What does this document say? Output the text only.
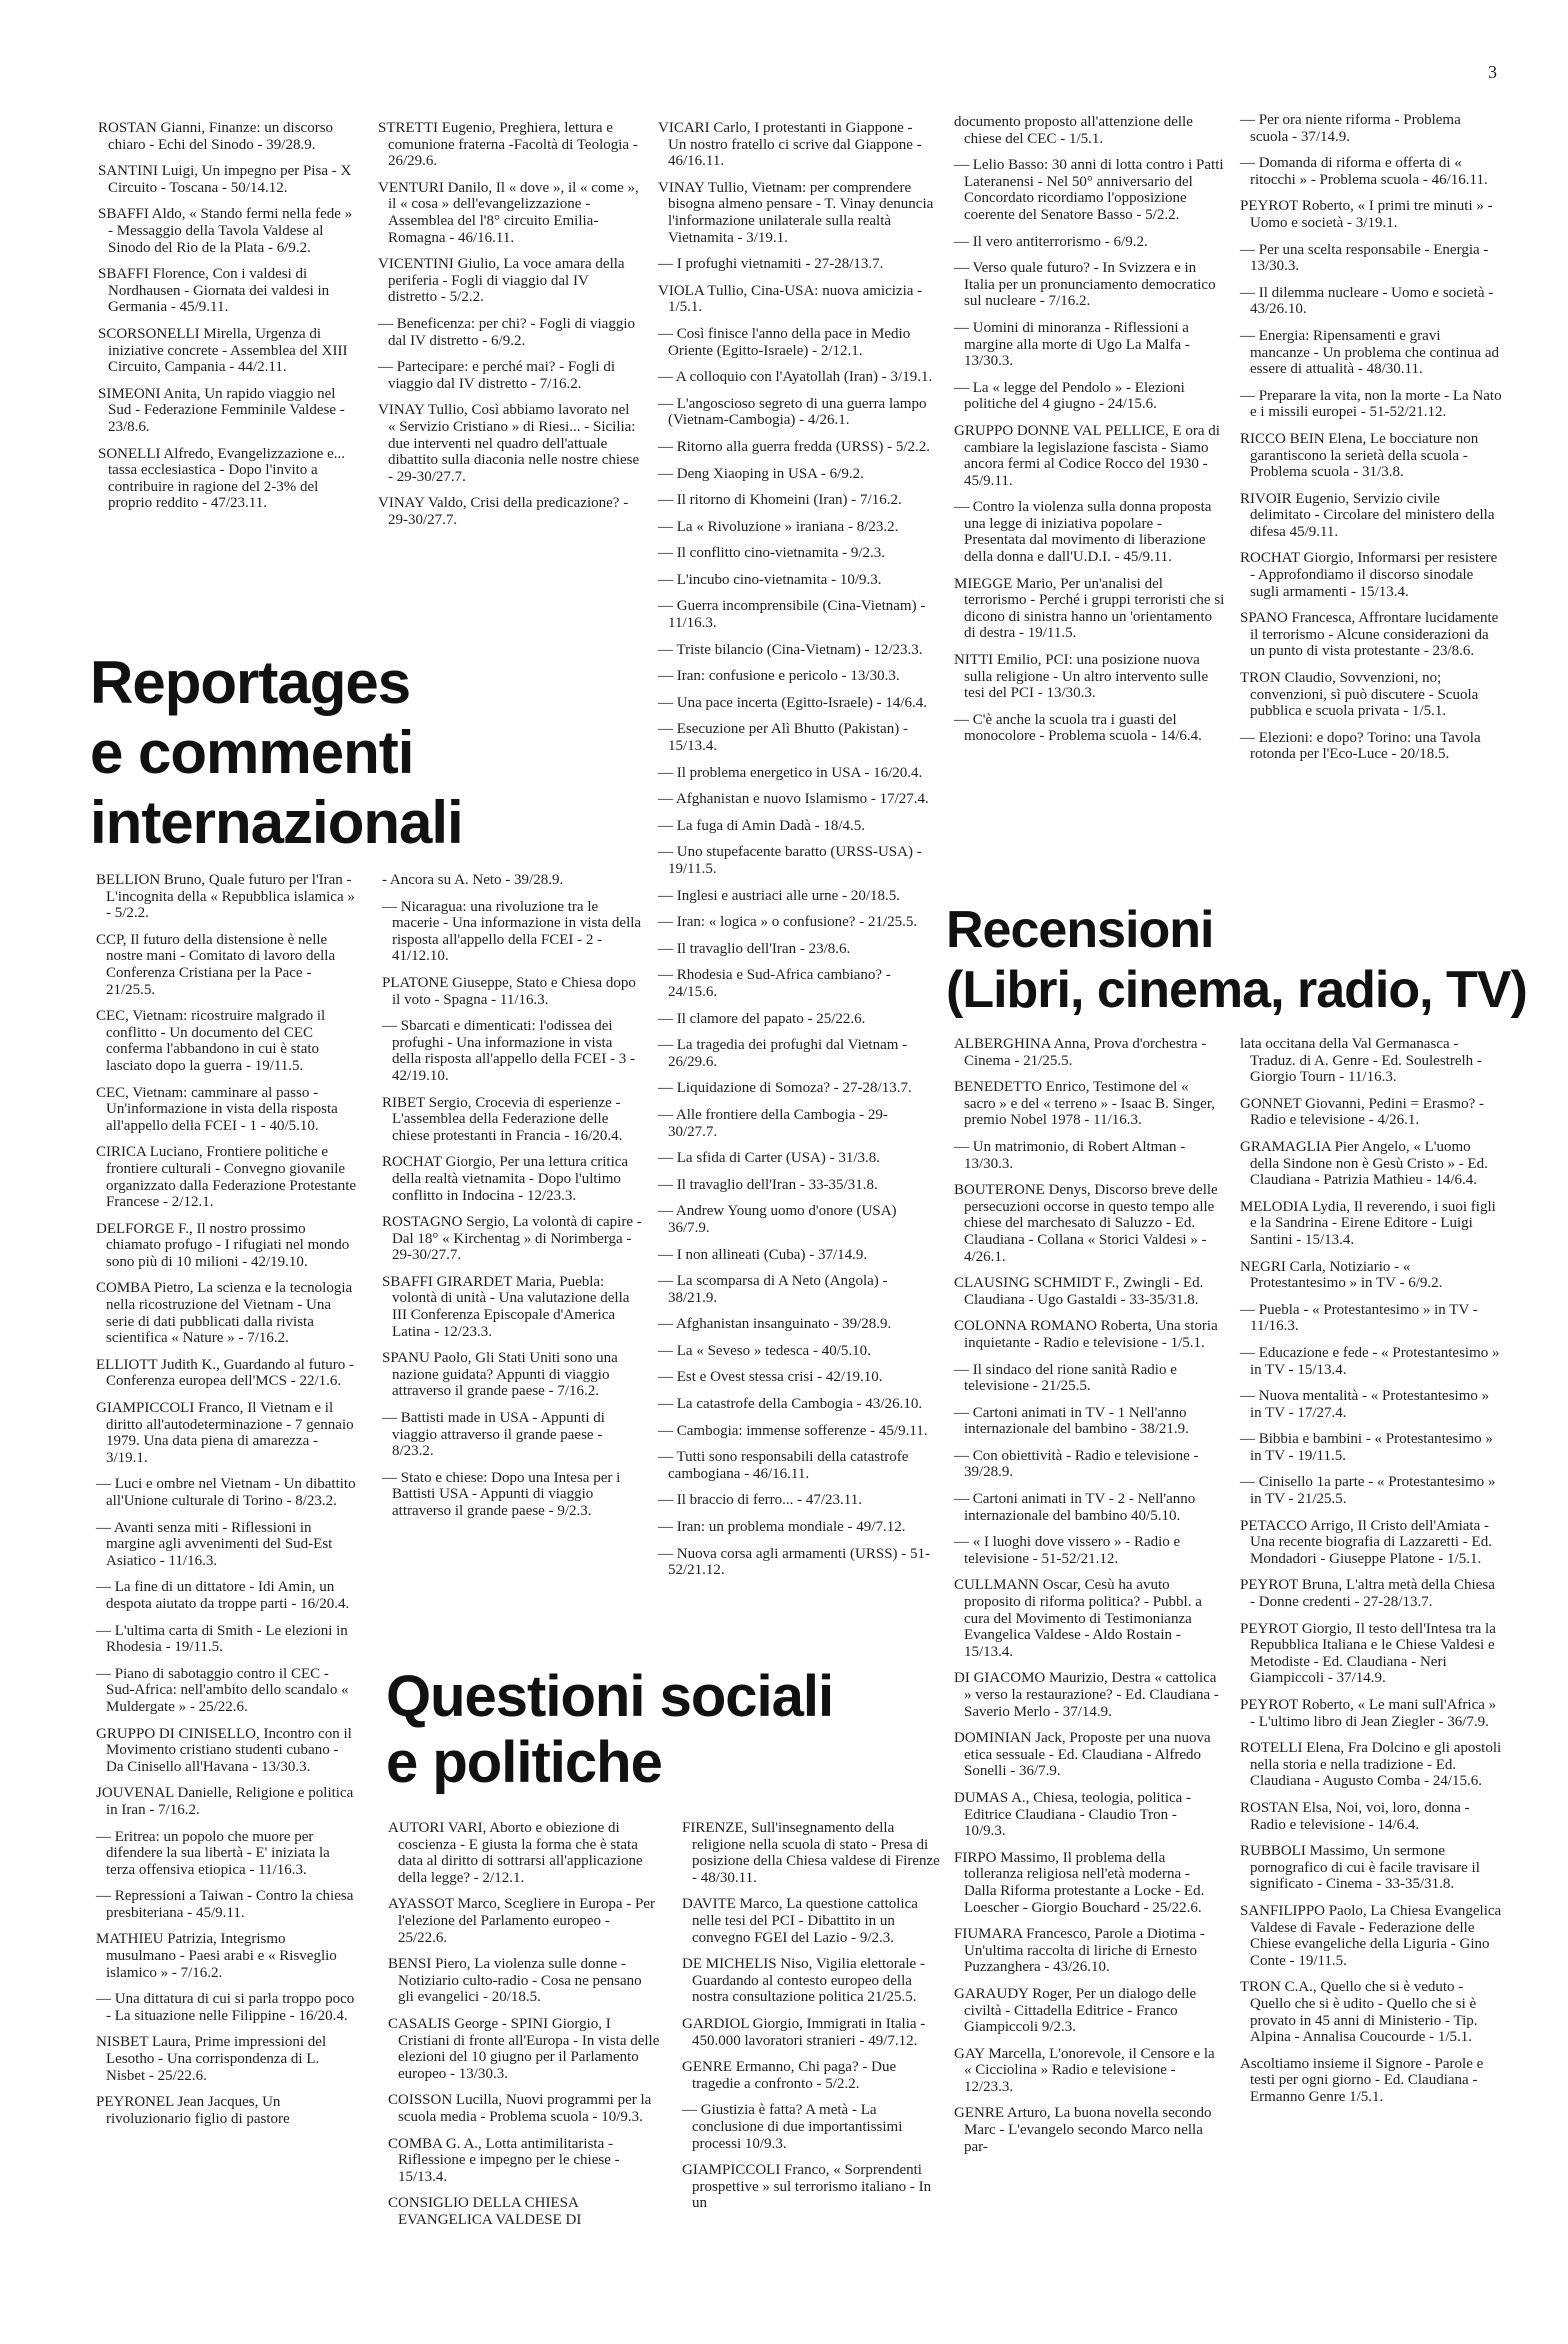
3

ROSTAN Gianni, Finanze: un discorso chiaro - Echi del Sinodo - 39/28.9.

SANTINI Luigi, Un impegno per Pisa - X Circuito - Toscana - 50/14.12.

SBAFFI Aldo, « Stando fermi nella fede » - Messaggio della Tavola Valdese al Sinodo del Rio de la Plata - 6/9.2.

SBAFFI Florence, Con i valdesi di Nordhausen - Giornata dei valdesi in Germania - 45/9.11.

SCORSONELLI Mirella, Urgenza di iniziative concrete - Assemblea del XIII Circuito, Campania - 44/2.11.

SIMEONI Anita, Un rapido viaggio nel Sud - Federazione Femminile Valdese - 23/8.6.

SONELLI Alfredo, Evangelizzazione e... tassa ecclesiastica - Dopo l'invito a contribuire in ragione del 2-3% del proprio reddito - 47/23.11.

STRETTI Eugenio, Preghiera, lettura e comunione fraterna -Facoltà di Teologia - 26/29.6.

VENTURI Danilo, Il « dove », il « come », il « cosa » dell'evangelizzazione - Assemblea del l'8° circuito Emilia-Romagna - 46/16.11.

VICENTINI Giulio, La voce amara della periferia - Fogli di viaggio dal IV distretto - 5/2.2.

— Beneficenza: per chi? - Fogli di viaggio dal IV distretto - 6/9.2.

— Partecipare: e perché mai? - Fogli di viaggio dal IV distretto - 7/16.2.

VINAY Tullio, Così abbiamo lavorato nel « Servizio Cristiano » di Riesi... - Sicilia: due interventi nel quadro dell'attuale dibattito sulla diaconia nelle nostre chiese - 29-30/27.7.

VINAY Valdo, Crisi della predicazione? - 29-30/27.7.

VICARI Carlo, I protestanti in Giappone - Un nostro fratello ci scrive dal Giappone - 46/16.11.

VINAY Tullio, Vietnam: per comprendere bisogna almeno pensare - T. Vinay denuncia l'informazione unilaterale sulla realtà Vietnamita - 3/19.1.

— I profughi vietnamiti - 27-28/13.7.

VIOLA Tullio, Cina-USA: nuova amicizia - 1/5.1.

— Così finisce l'anno della pace in Medio Oriente (Egitto-Israele) - 2/12.1.

— A colloquio con l'Ayatollah (Iran) - 3/19.1.

— L'angoscioso segreto di una guerra lampo (Vietnam-Cambogia) - 4/26.1.

— Ritorno alla guerra fredda (URSS) - 5/2.2.

— Deng Xiaoping in USA - 6/9.2.

— Il ritorno di Khomeini (Iran) - 7/16.2.

— La « Rivoluzione » iraniana - 8/23.2.

— Il conflitto cino-vietnamita - 9/2.3.

— L'incubo cino-vietnamita - 10/9.3.

— Guerra incomprensibile (Cina-Vietnam) - 11/16.3.

— Triste bilancio (Cina-Vietnam) - 12/23.3.

— Iran: confusione e pericolo - 13/30.3.

— Una pace incerta (Egitto-Israele) - 14/6.4.

— Esecuzione per Alì Bhutto (Pakistan) - 15/13.4.

— Il problema energetico in USA - 16/20.4.

— Afghanistan e nuovo Islamismo - 17/27.4.

— La fuga di Amin Dadà - 18/4.5.

— Uno stupefacente baratto (URSS-USA) - 19/11.5.

— Inglesi e austriaci alle urne - 20/18.5.

— Iran: « logica » o confusione? - 21/25.5.

— Il travaglio dell'Iran - 23/8.6.

— Rhodesia e Sud-Africa cambiano? - 24/15.6.

— Il clamore del papato - 25/22.6.

— La tragedia dei profughi dal Vietnam - 26/29.6.

— Liquidazione di Somoza? - 27-28/13.7.

— Alle frontiere della Cambogia - 29-30/27.7.

— La sfida di Carter (USA) - 31/3.8.

— Il travaglio dell'Iran - 33-35/31.8.

— Andrew Young uomo d'onore (USA) 36/7.9.

— I non allineati (Cuba) - 37/14.9.

— La scomparsa di A Neto (Angola) - 38/21.9.

— Afghanistan insanguinato - 39/28.9.

— La « Seveso » tedesca - 40/5.10.

— Est e Ovest stessa crisi - 42/19.10.

— La catastrofe della Cambogia - 43/26.10.

— Cambogia: immense sofferenze - 45/9.11.

— Tutti sono responsabili della catastrofe cambogiana - 46/16.11.

— Il braccio di ferro... - 47/23.11.

— Iran: un problema mondiale - 49/7.12.

— Nuova corsa agli armamenti (URSS) - 51-52/21.12.

documento proposto all'attenzione delle chiese del CEC - 1/5.1.

— Lelio Basso: 30 anni di lotta contro i Patti Lateranensi - Nel 50° anniversario del Concordato ricordiamo l'opposizione coerente del Senatore Basso - 5/2.2.

— Il vero antiterrorismo - 6/9.2.

— Verso quale futuro? - In Svizzera e in Italia per un pronunciamento democratico sul nucleare - 7/16.2.

— Uomini di minoranza - Riflessioni a margine alla morte di Ugo La Malfa - 13/30.3.

— La « legge del Pendolo » - Elezioni politiche del 4 giugno - 24/15.6.

GRUPPO DONNE VAL PELLICE, E ora di cambiare la legislazione fascista - Siamo ancora fermi al Codice Rocco del 1930 - 45/9.11.

— Contro la violenza sulla donna proposta una legge di iniziativa popolare - Presentata dal movimento di liberazione della donna e dall'U.D.I. - 45/9.11.

MIEGGE Mario, Per un'analisi del terrorismo - Perché i gruppi terroristi che si dicono di sinistra hanno un 'orientamento di destra - 19/11.5.

NITTI Emilio, PCI: una posizione nuova sulla religione - Un altro intervento sulle tesi del PCI - 13/30.3.

— C'è anche la scuola tra i guasti del monocolore - Problema scuola - 14/6.4.

— Per ora niente riforma - Problema scuola - 37/14.9.

— Domanda di riforma e offerta di « ritocchi » - Problema scuola - 46/16.11.

PEYROT Roberto, « I primi tre minuti » - Uomo e società - 3/19.1.

— Per una scelta responsabile - Energia - 13/30.3.

— Il dilemma nucleare - Uomo e società - 43/26.10.

— Energia: Ripensamenti e gravi mancanze - Un problema che continua ad essere di attualità - 48/30.11.

— Preparare la vita, non la morte - La Nato e i missili europei - 51-52/21.12.

RICCO BEIN Elena, Le bocciature non garantiscono la serietà della scuola - Problema scuola - 31/3.8.

RIVOIR Eugenio, Servizio civile delimitato - Circolare del ministero della difesa 45/9.11.

ROCHAT Giorgio, Informarsi per resistere - Approfondiamo il discorso sinodale sugli armamenti - 15/13.4.

SPANO Francesca, Affrontare lucidamente il terrorismo - Alcune considerazioni da un punto di vista protestante - 23/8.6.

TRON Claudio, Sovvenzioni, no; convenzioni, sì può discutere - Scuola pubblica e scuola privata - 1/5.1.

— Elezioni: e dopo? Torino: una Tavola rotonda per l'Eco-Luce - 20/18.5.

Reportages
e commenti
internazionali

BELLION Bruno, Quale futuro per l'Iran - L'incognita della « Repubblica islamica » - 5/2.2.

CCP, Il futuro della distensione è nelle nostre mani - Comitato di lavoro della Conferenza Cristiana per la Pace - 21/25.5.

CEC, Vietnam: ricostruire malgrado il conflitto - Un documento del CEC conferma l'abbandono in cui è stato lasciato dopo la guerra - 19/11.5.

CEC, Vietnam: camminare al passo - Un'informazione in vista della risposta all'appello della FCEI - 1 - 40/5.10.

CIRICA Luciano, Frontiere politiche e frontiere culturali - Convegno giovanile organizzato dalla Federazione Protestante Francese - 2/12.1.

DELFORGE F., Il nostro prossimo chiamato profugo - I rifugiati nel mondo sono più di 10 milioni - 42/19.10.

COMBA Pietro, La scienza e la tecnologia nella ricostruzione del Vietnam - Una serie di dati pubblicati dalla rivista scientifica « Nature » - 7/16.2.

ELLIOTT Judith K., Guardando al futuro - Conferenza europea dell'MCS - 22/1.6.

GIAMPICCOLI Franco, Il Vietnam e il diritto all'autodeterminazione - 7 gennaio 1979. Una data piena di amarezza - 3/19.1.

— Luci e ombre nel Vietnam - Un dibattito all'Unione culturale di Torino - 8/23.2.

— Avanti senza miti - Riflessioni in margine agli avvenimenti del Sud-Est Asiatico - 11/16.3.

— La fine di un dittatore - Idi Amin, un despota aiutato da troppe parti - 16/20.4.

— L'ultima carta di Smith - Le elezioni in Rhodesia - 19/11.5.

— Piano di sabotaggio contro il CEC - Sud-Africa: nell'ambito dello scandalo « Muldergate » - 25/22.6.

GRUPPO DI CINISELLO, Incontro con il Movimento cristiano studenti cubano - Da Cinisello all'Havana - 13/30.3.

JOUVENAL Danielle, Religione e politica in Iran - 7/16.2.

— Eritrea: un popolo che muore per difendere la sua libertà - E' iniziata la terza offensiva etiopica - 11/16.3.

— Repressioni a Taiwan - Contro la chiesa presbiteriana - 45/9.11.

MATHIEU Patrizia, Integrismo musulmano - Paesi arabi e « Risveglio islamico » - 7/16.2.

— Una dittatura di cui si parla troppo poco - La situazione nelle Filippine - 16/20.4.

NISBET Laura, Prime impressioni del Lesotho - Una corrispondenza di L. Nisbet - 25/22.6.

PEYRONEL Jean Jacques, Un rivoluzionario figlio di pastore

- Ancora su A. Neto - 39/28.9.

— Nicaragua: una rivoluzione tra le macerie - Una informazione in vista della risposta all'appello della FCEI - 2 - 41/12.10.

PLATONE Giuseppe, Stato e Chiesa dopo il voto - Spagna - 11/16.3.

— Sbarcati e dimenticati: l'odissea dei profughi - Una informazione in vista della risposta all'appello della FCEI - 3 - 42/19.10.

RIBET Sergio, Crocevia di esperienze - L'assemblea della Federazione delle chiese protestanti in Francia - 16/20.4.

ROCHAT Giorgio, Per una lettura critica della realtà vietnamita - Dopo l'ultimo conflitto in Indocina - 12/23.3.

ROSTAGNO Sergio, La volontà di capire - Dal 18° « Kirchentag » di Norimberga - 29-30/27.7.

SBAFFI GIRARDET Maria, Puebla: volontà di unità - Una valutazione della III Conferenza Episcopale d'America Latina - 12/23.3.

SPANU Paolo, Gli Stati Uniti sono una nazione guidata? Appunti di viaggio attraverso il grande paese - 7/16.2.

— Battisti made in USA - Appunti di viaggio attraverso il grande paese - 8/23.2.

— Stato e chiese: Dopo una Intesa per i Battisti USA - Appunti di viaggio attraverso il grande paese - 9/2.3.

Questioni sociali
e politiche

AUTORI VARI, Aborto e obiezione di coscienza - E giusta la forma che è stata data al diritto di sottrarsi all'applicazione della legge? - 2/12.1.

AYASSOT Marco, Scegliere in Europa - Per l'elezione del Parlamento europeo - 25/22.6.

BENSI Piero, La violenza sulle donne - Notiziario culto-radio - Cosa ne pensano gli evangelici - 20/18.5.

CASALIS George - SPINI Giorgio, I Cristiani di fronte all'Europa - In vista delle elezioni del 10 giugno per il Parlamento europeo - 13/30.3.

COISSON Lucilla, Nuovi programmi per la scuola media - Problema scuola - 10/9.3.

COMBA G. A., Lotta antimilitarista - Riflessione e impegno per le chiese - 15/13.4.

CONSIGLIO DELLA CHIESA EVANGELICA VALDESE DI

FIRENZE, Sull'insegnamento della religione nella scuola di stato - Presa di posizione della Chiesa valdese di Firenze - 48/30.11.

DAVITE Marco, La questione cattolica nelle tesi del PCI - Dibattito in un convegno FGEI del Lazio - 9/2.3.

DE MICHELIS Niso, Vigilia elettorale - Guardando al contesto europeo della nostra consultazione politica 21/25.5.

GARDIOL Giorgio, Immigrati in Italia - 450.000 lavoratori stranieri - 49/7.12.

GENRE Ermanno, Chi paga? - Due tragedie a confronto - 5/2.2.

— Giustizia è fatta? A metà - La conclusione di due importantissimi processi 10/9.3.

GIAMPICCOLI Franco, « Sorprendenti prospettive » sul terrorismo italiano - In un

Recensioni
(Libri, cinema, radio, TV)

ALBERGHINA Anna, Prova d'orchestra - Cinema - 21/25.5.

BENEDETTO Enrico, Testimone del « sacro » e del « terreno » - Isaac B. Singer, premio Nobel 1978 - 11/16.3.

— Un matrimonio, di Robert Altman - 13/30.3.

BOUTERONE Denys, Discorso breve delle persecuzioni occorse in questo tempo alle chiese del marchesato di Saluzzo - Ed. Claudiana - Collana « Storici Valdesi » - 4/26.1.

CLAUSING SCHMIDT F., Zwingli - Ed. Claudiana - Ugo Gastaldi - 33-35/31.8.

COLONNA ROMANO Roberta, Una storia inquietante - Radio e televisione - 1/5.1.

— Il sindaco del rione sanità Radio e televisione - 21/25.5.

— Cartoni animati in TV - 1 Nell'anno internazionale del bambino - 38/21.9.

— Con obiettività - Radio e televisione - 39/28.9.

— Cartoni animati in TV - 2 - Nell'anno internazionale del bambino 40/5.10.

— « I luoghi dove vissero » - Radio e televisione - 51-52/21.12.

CULLMANN Oscar, Cesù ha avuto proposito di riforma politica? - Pubbl. a cura del Movimento di Testimonianza Evangelica Valdese - Aldo Rostain - 15/13.4.

DI GIACOMO Maurizio, Destra « cattolica » verso la restaurazione? - Ed. Claudiana - Saverio Merlo - 37/14.9.

DOMINIAN Jack, Proposte per una nuova etica sessuale - Ed. Claudiana - Alfredo Sonelli - 36/7.9.

DUMAS A., Chiesa, teologia, politica - Editrice Claudiana - Claudio Tron - 10/9.3.

FIRPO Massimo, Il problema della tolleranza religiosa nell'età moderna - Dalla Riforma protestante a Locke - Ed. Loescher - Giorgio Bouchard - 25/22.6.

FIUMARA Francesco, Parole a Diotima - Un'ultima raccolta di liriche di Ernesto Puzzanghera - 43/26.10.

GARAUDY Roger, Per un dialogo delle civiltà - Cittadella Editrice - Franco Giampiccoli 9/2.3.

GAY Marcella, L'onorevole, il Censore e la « Cicciolina » Radio e televisione - 12/23.3.

GENRE Arturo, La buona novella secondo Marc - L'evangelo secondo Marco nella par-

lata occitana della Val Germanasca - Traduz. di A. Genre - Ed. Soulestrelh - Giorgio Tourn - 11/16.3.

GONNET Giovanni, Pedini = Erasmo? - Radio e televisione - 4/26.1.

GRAMAGLIA Pier Angelo, « L'uomo della Sindone non è Gesù Cristo » - Ed. Claudiana - Patrizia Mathieu - 14/6.4.

MELODIA Lydia, Il reverendo, i suoi figli e la Sandrina - Eirene Editore - Luigi Santini - 15/13.4.

NEGRI Carla, Notiziario - « Protestantesimo » in TV - 6/9.2.

— Puebla - « Protestantesimo » in TV - 11/16.3.

— Educazione e fede - « Protestantesimo » in TV - 15/13.4.

— Nuova mentalità - « Protestantesimo » in TV - 17/27.4.

— Bibbia e bambini - « Protestantesimo » in TV - 19/11.5.

— Cinisello 1a parte - « Protestantesimo » in TV - 21/25.5.

PETACCO Arrigo, Il Cristo dell'Amiata - Una recente biografia di Lazzaretti - Ed. Mondadori - Giuseppe Platone - 1/5.1.

PEYROT Bruna, L'altra metà della Chiesa - Donne credenti - 27-28/13.7.

PEYROT Giorgio, Il testo dell'Intesa tra la Repubblica Italiana e le Chiese Valdesi e Metodiste - Ed. Claudiana - Neri Giampiccoli - 37/14.9.

PEYROT Roberto, « Le mani sull'Africa » - L'ultimo libro di Jean Ziegler - 36/7.9.

ROTELLI Elena, Fra Dolcino e gli apostoli nella storia e nella tradizione - Ed. Claudiana - Augusto Comba - 24/15.6.

ROSTAN Elsa, Noi, voi, loro, donna - Radio e televisione - 14/6.4.

RUBBOLI Massimo, Un sermone pornografico di cui è facile travisare il significato - Cinema - 33-35/31.8.

SANFILIPPO Paolo, La Chiesa Evangelica Valdese di Favale - Federazione delle Chiese evangeliche della Liguria - Gino Conte - 19/11.5.

TRON C.A., Quello che si è veduto - Quello che si è udito - Quello che si è provato in 45 anni di Ministerio - Tip. Alpina - Annalisa Coucourde - 1/5.1.

Ascoltiamo insieme il Signore - Parole e testi per ogni giorno - Ed. Claudiana - Ermanno Genre 1/5.1.
